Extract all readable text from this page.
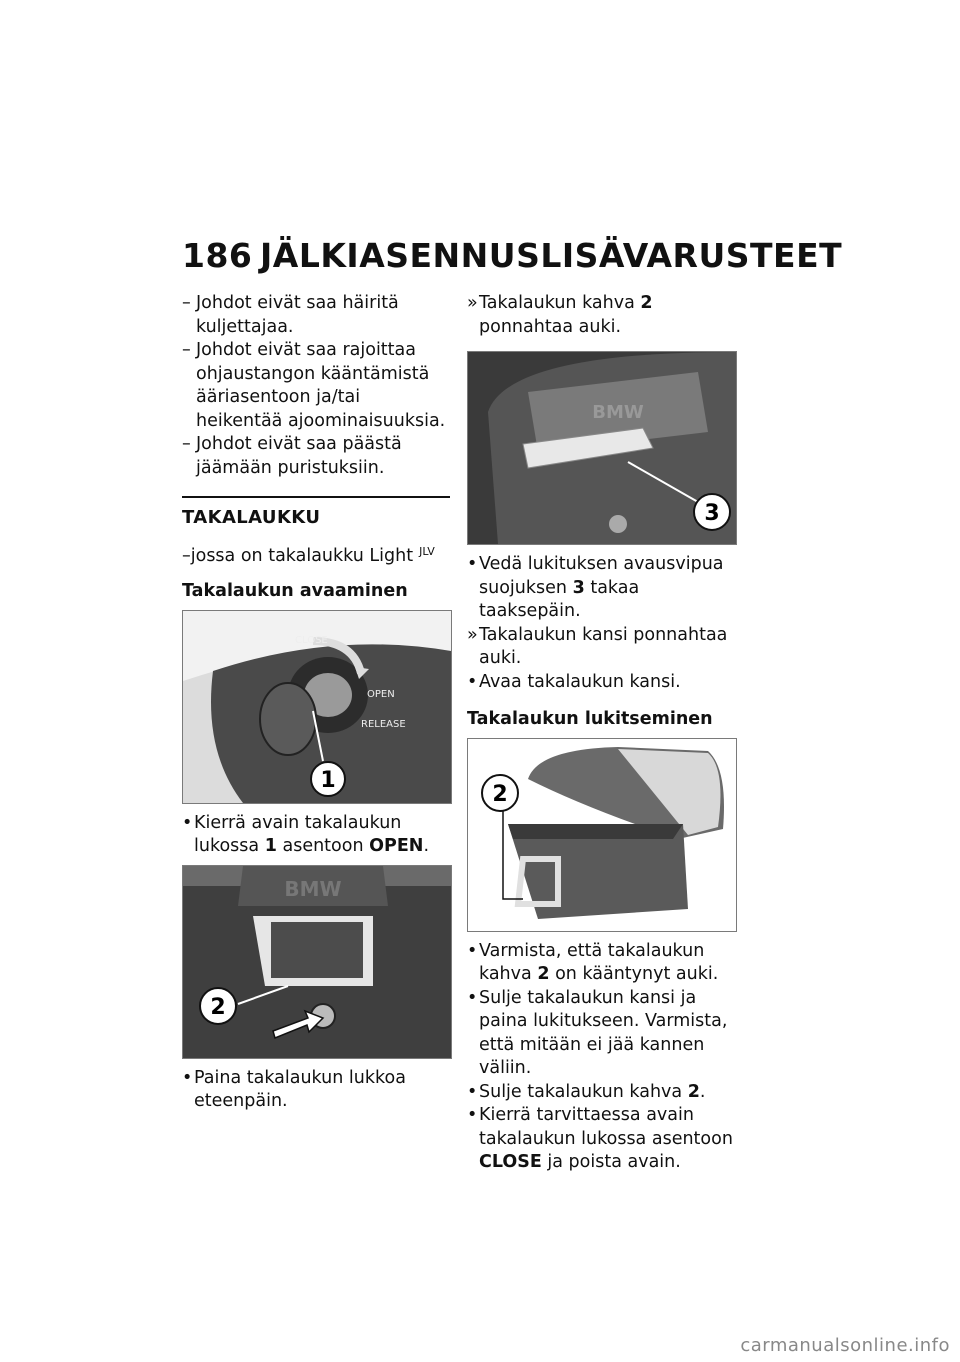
186 JÄLKIASENNUSLISÄVARUSTEET
– Johdot eivät saa häiritä kuljettajaa.
– Johdot eivät saa rajoittaa ohjaustangon kääntämistä ääriasentoon ja/tai heikentää ajoominaisuuksia.
– Johdot eivät saa päästä jäämään puristuksiin.
TAKALAUKKU
–jossa on takalaukku Light $^{JLV}$
Takalaukun avaaminen
CLOSE
OPEN
RELEASE
1
• Kierrä avain takalaukun lukossa 1 asentoon OPEN.
BMW
2
• Paina takalaukun lukkoa eteenpäin.
» Takalaukun kahva 2 ponnahtaa auki.
BMW
3
• Vedä lukituksen avausvipua suojuksen 3 takaa taaksepäin.
» Takalaukun kansi ponnahtaa auki.
• Avaa takalaukun kansi.
Takalaukun lukitseminen
2
• Varmista, että takalaukun kahva 2 on kääntynyt auki.
• Sulje takalaukun kansi ja paina lukitukseen. Varmista, että mitään ei jää kannen väliin.
• Sulje takalaukun kahva 2.
• Kierrä tarvittaessa avain takalaukun lukossa asentoon CLOSE ja poista avain.
carmanualsonline.info
